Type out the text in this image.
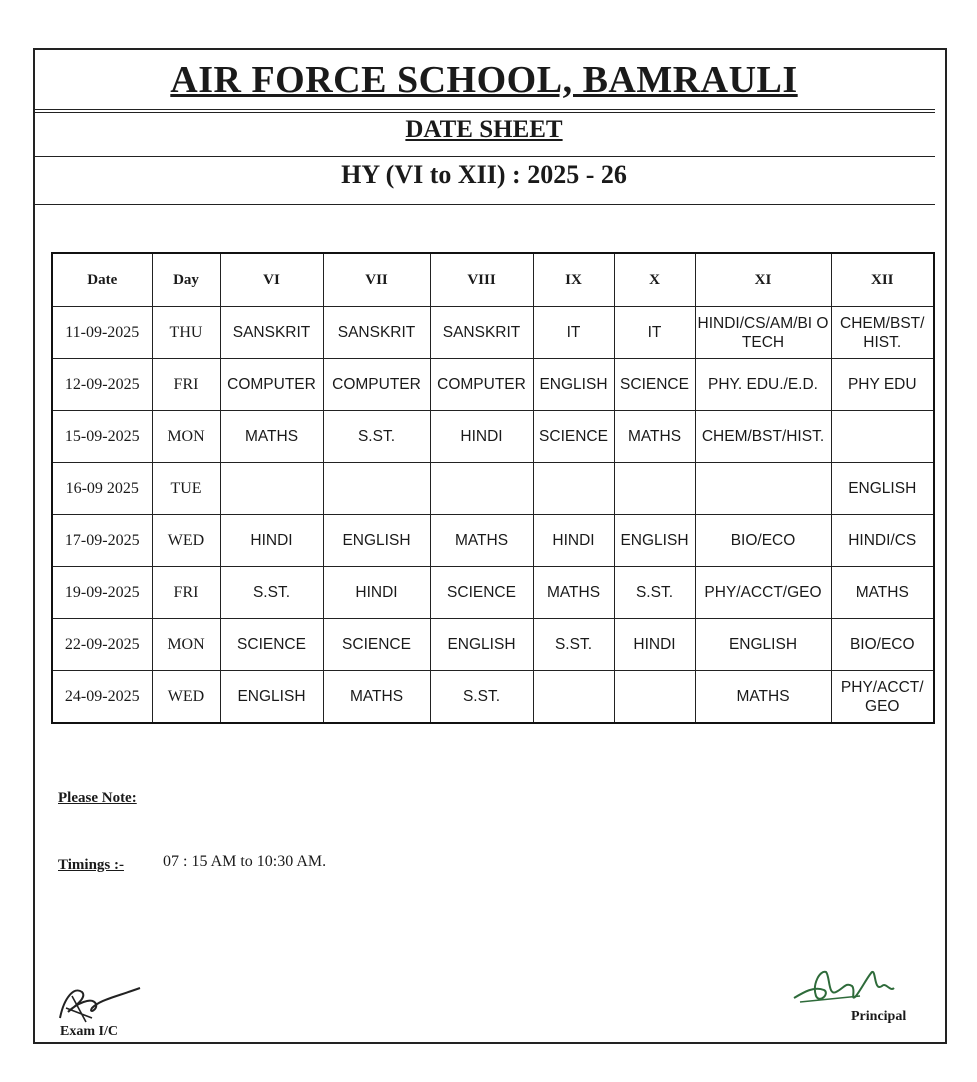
AIR FORCE SCHOOL, BAMRAULI
DATE SHEET
HY (VI to XII) : 2025 - 26
Date	Day	VI	VII	VIII	IX	X	XI	XII
11-09-2025	THU	SANSKRIT	SANSKRIT	SANSKRIT	IT	IT	HINDI/CS/AM/BI O TECH	CHEM/BST/ HIST.
12-09-2025	FRI	COMPUTER	COMPUTER	COMPUTER	ENGLISH	SCIENCE	PHY. EDU./E.D.	PHY EDU
15-09-2025	MON	MATHS	S.ST.	HINDI	SCIENCE	MATHS	CHEM/BST/HIST.	
16-09 2025	TUE							ENGLISH
17-09-2025	WED	HINDI	ENGLISH	MATHS	HINDI	ENGLISH	BIO/ECO	HINDI/CS
19-09-2025	FRI	S.ST.	HINDI	SCIENCE	MATHS	S.ST.	PHY/ACCT/GEO	MATHS
22-09-2025	MON	SCIENCE	SCIENCE	ENGLISH	S.ST.	HINDI	ENGLISH	BIO/ECO
24-09-2025	WED	ENGLISH	MATHS	S.ST.			MATHS	PHY/ACCT/ GEO
Please Note:
Timings :- 07 : 15 AM to 10:30 AM.
Exam I/C
Principal
